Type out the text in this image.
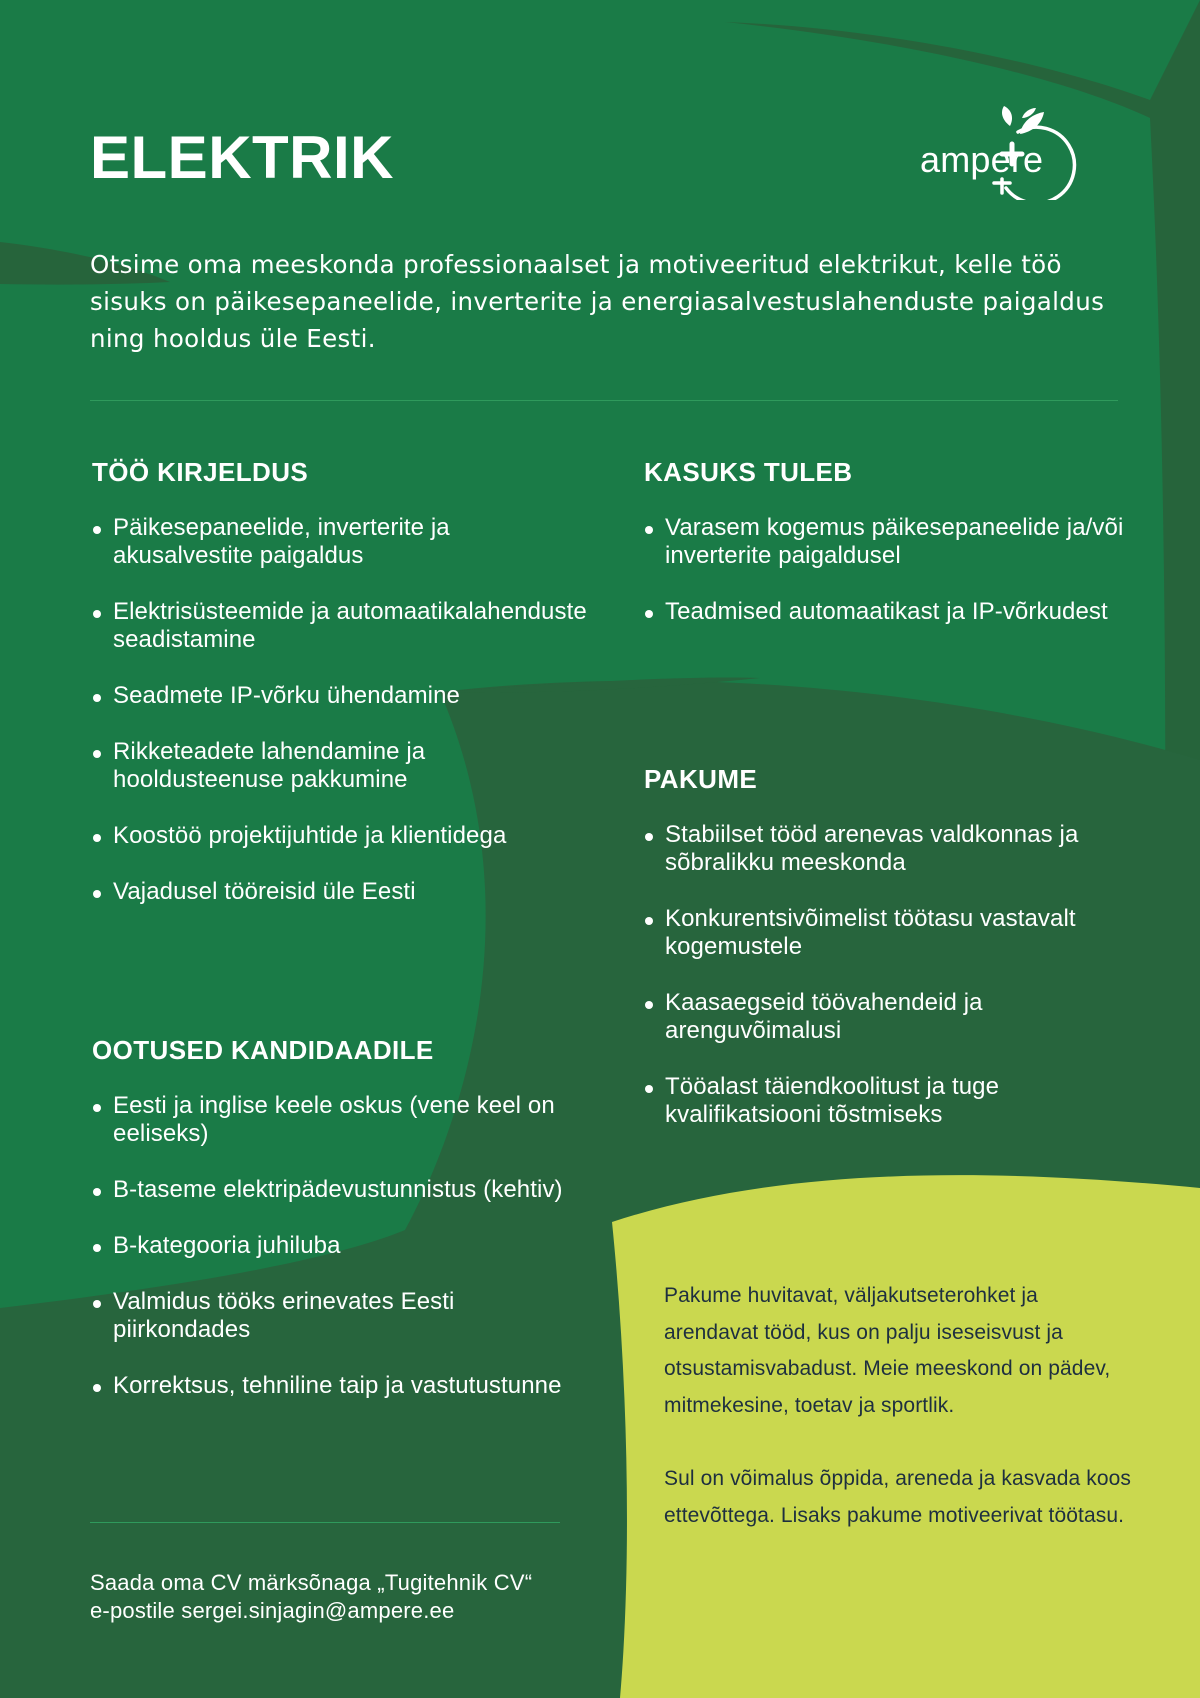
ELEKTRIK	ampere

Otsime oma meeskonda professionaalset ja motiveeritud elektrikut, kelle töö sisuks on päikesepaneelide, inverterite ja energiasalvestuslahenduste paigaldus ning hooldus üle Eesti.

TÖÖ KIRJELDUS
Päikesepaneelide, inverterite ja akusalvestite paigaldus
Elektrisüsteemide ja automaatikalahenduste seadistamine
Seadmete IP-võrku ühendamine
Rikketeadete lahendamine ja hooldusteenuse pakkumine
Koostöö projektijuhtide ja klientidega
Vajadusel tööreisid üle Eesti
OOTUSED KANDIDAADILE
Eesti ja inglise keele oskus (vene keel on eeliseks)
B-taseme elektripädevustunnistus (kehtiv)
B-kategooria juhiluba
Valmidus tööks erinevates Eesti piirkondades
Korrektsus, tehniline taip ja vastutustunne
KASUKS TULEB
Varasem kogemus päikesepaneelide ja/või inverterite paigaldusel
Teadmised automaatikast ja IP-võrkudest
PAKUME
Stabiilset tööd arenevas valdkonnas ja sõbralikku meeskonda
Konkurentsivõimelist töötasu vastavalt kogemustele
Kaasaegseid töövahendeid ja arenguvõimalusi
Tööalast täiendkoolitust ja tuge kvalifikatsiooni tõstmiseks

Saada oma CV märksõnaga „Tugitehnik CV“
e-postile sergei.sinjagin@ampere.ee

Pakume huvitavat, väljakutseterohket ja arendavat tööd, kus on palju iseseisvust ja otsustamisvabadust. Meie meeskond on pädev, mitmekesine, toetav ja sportlik.

Sul on võimalus õppida, areneda ja kasvada koos ettevõttega. Lisaks pakume motiveerivat töötasu.
